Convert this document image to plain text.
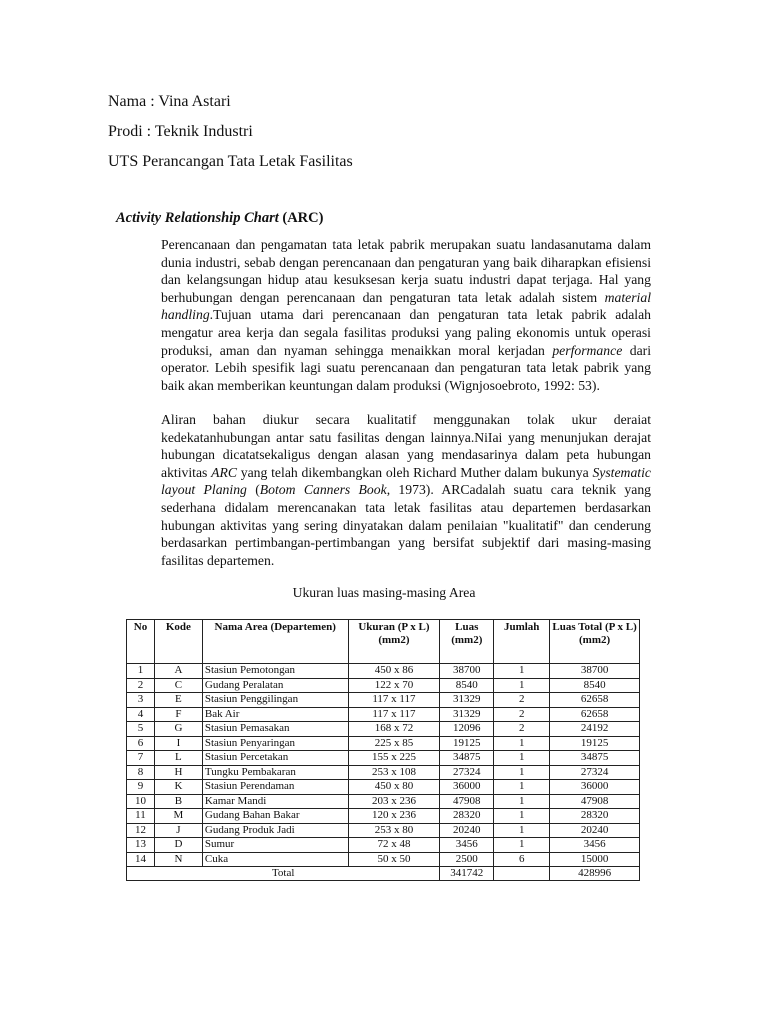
Nama : Vina Astari
Prodi : Teknik Industri
UTS Perancangan Tata Letak Fasilitas
Activity Relationship Chart (ARC)

Perencanaan dan pengamatan tata letak pabrik merupakan suatu landasanutama dalam dunia industri, sebab dengan perencanaan dan pengaturan yang baik diharapkan efisiensi dan kelangsungan hidup atau kesuksesan kerja suatu industri dapat terjaga. Hal yang berhubungan dengan perencanaan dan pengaturan tata letak adalah sistem material handling.Tujuan utama dari perencanaan dan pengaturan tata letak pabrik adalah mengatur area kerja dan segala fasilitas produksi yang paling ekonomis untuk operasi produksi, aman dan nyaman sehingga menaikkan moral kerjadan performance dari operator. Lebih spesifik lagi suatu perencanaan dan pengaturan tata letak pabrik yang baik akan memberikan keuntungan dalam produksi (Wignjosoebroto, 1992: 53).

Aliran bahan diukur secara kualitatif menggunakan tolak ukur deraiat kedekatanhubungan antar satu fasilitas dengan lainnya.NiIai yang menunjukan derajat hubungan dicatatsekaligus dengan alasan yang mendasarinya dalam peta hubungan aktivitas ARC yang telah dikembangkan oleh Richard Muther dalam bukunya Systematic layout Planing (Botom Canners Book, 1973). ARCadalah suatu cara teknik yang sederhana didalam merencanakan tata letak fasilitas atau departemen berdasarkan hubungan aktivitas yang sering dinyatakan dalam penilaian "kualitatif" dan cenderung berdasarkan pertimbangan-pertimbangan yang bersifat subjektif dari masing-masing fasilitas departemen.

Ukuran luas masing-masing Area
No	Kode	Nama Area (Departemen)	Ukuran (P x L) (mm2)	Luas (mm2)	Jumlah	Luas Total (P x L) (mm2)
1	A	Stasiun Pemotongan	450 x 86	38700	1	38700
2	C	Gudang Peralatan	122 x 70	8540	1	8540
3	E	Stasiun Penggilingan	117 x 117	31329	2	62658
4	F	Bak Air	117 x 117	31329	2	62658
5	G	Stasiun Pemasakan	168 x 72	12096	2	24192
6	I	Stasiun Penyaringan	225 x 85	19125	1	19125
7	L	Stasiun Percetakan	155 x 225	34875	1	34875
8	H	Tungku Pembakaran	253 x 108	27324	1	27324
9	K	Stasiun Perendaman	450 x 80	36000	1	36000
10	B	Kamar Mandi	203 x 236	47908	1	47908
11	M	Gudang Bahan Bakar	120 x 236	28320	1	28320
12	J	Gudang Produk Jadi	253 x 80	20240	1	20240
13	D	Sumur	72 x 48	3456	1	3456
14	N	Cuka	50 x 50	2500	6	15000
Total				341742		428996
